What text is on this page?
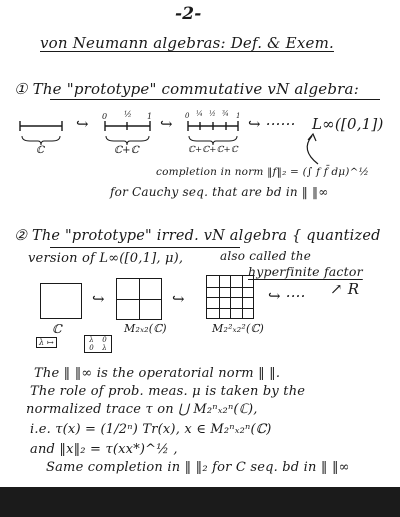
-2-
von Neumann algebras: Def. & Exem.
① The "prototype" commutative vN algebra:
0 ½ 1	0 ¼ ½ ¾ 1
↪	↪	↪ ······ L∞([0,1])
ℂ	ℂ+ℂ	ℂ+ℂ+ℂ+ℂ
completion in norm ‖f‖₂ = (∫ f f̄ dμ)^½
for Cauchy seq. that are bd in ‖ ‖∞
② The "prototype" irred. vN algebra { quantized
version of L∞([0,1], μ),	also called the
hyperfinite factor
↪	↪	↪ ···· ↗ R
ℂ	M₂ₓ₂(ℂ)	M₂²ₓ₂²(ℂ)
λ ↦	λ	0
0	λ
The ‖ ‖∞ is the operatorial norm ‖ ‖.
The role of prob. meas. μ is taken by the
normalized trace τ on ⋃ M₂ⁿₓ₂ⁿ(ℂ),
i.e. τ(x) = (1/2ⁿ) Tr(x), x ∈ M₂ⁿₓ₂ⁿ(ℂ)
and ‖x‖₂ = τ(xx*)^½ ,
Same completion in ‖ ‖₂ for C seq. bd in ‖ ‖∞
